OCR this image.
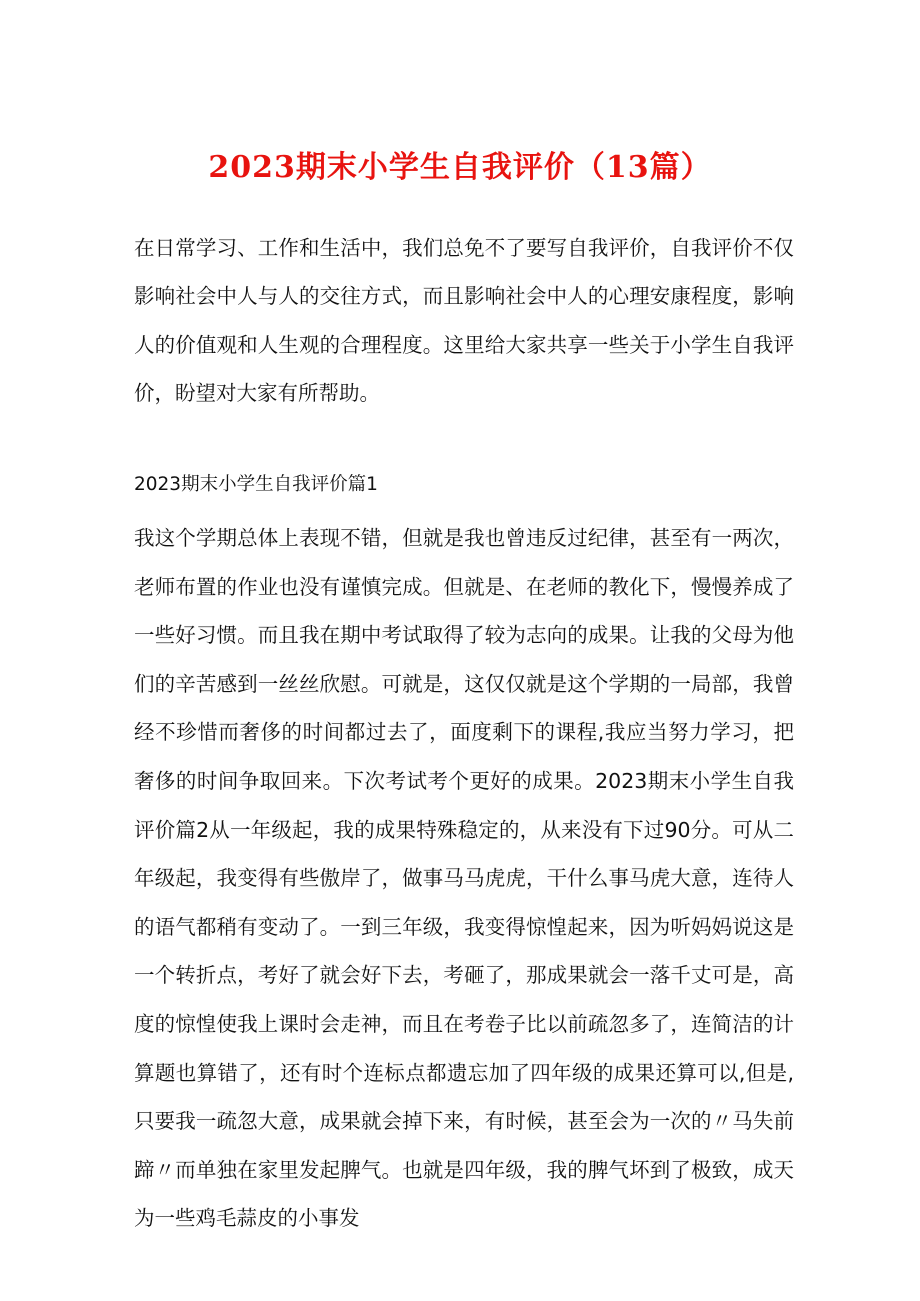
2023期末小学生自我评价（13篇）

在日常学习、工作和生活中，我们总免不了要写自我评价，自我评价不仅影响社会中人与人的交往方式，而且影响社会中人的心理安康程度，影响人的价值观和人生观的合理程度。这里给大家共享一些关于小学生自我评价，盼望对大家有所帮助。

2023期末小学生自我评价篇1

我这个学期总体上表现不错，但就是我也曾违反过纪律，甚至有一两次，老师布置的作业也没有谨慎完成。但就是、在老师的教化下，慢慢养成了一些好习惯。而且我在期中考试取得了较为志向的成果。让我的父母为他们的辛苦感到一丝丝欣慰。可就是，这仅仅就是这个学期的一局部，我曾经不珍惜而奢侈的时间都过去了，面度剩下的课程,我应当努力学习，把奢侈的时间争取回来。下次考试考个更好的成果。2023期末小学生自我评价篇2从一年级起，我的成果特殊稳定的，从来没有下过90分。可从二年级起，我变得有些傲岸了，做事马马虎虎，干什么事马虎大意，连待人的语气都稍有变动了。一到三年级，我变得惊惶起来，因为听妈妈说这是一个转折点，考好了就会好下去，考砸了，那成果就会一落千丈可是，高度的惊惶使我上课时会走神，而且在考卷子比以前疏忽多了，连简洁的计算题也算错了，还有时个连标点都遗忘加了四年级的成果还算可以,但是,只要我一疏忽大意，成果就会掉下来，有时候，甚至会为一次的〃马失前蹄〃而单独在家里发起脾气。也就是四年级，我的脾气坏到了极致，成天为一些鸡毛蒜皮的小事发
